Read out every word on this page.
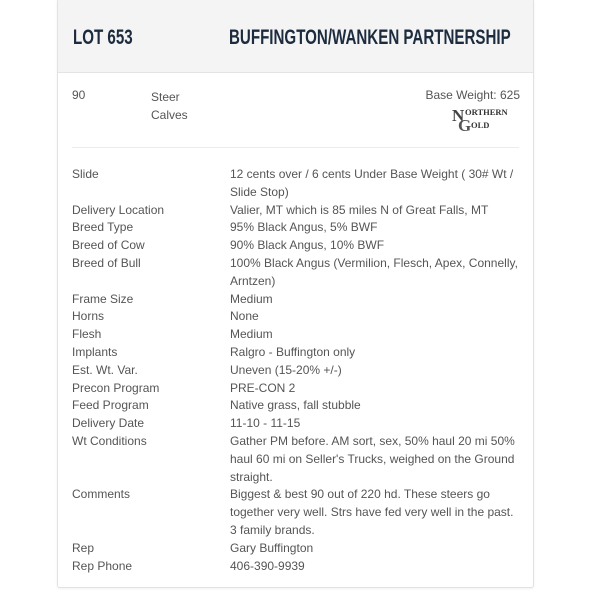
LOT 653	BUFFINGTON/WANKEN PARTNERSHIP
90	Steer
Calves
Base Weight: 625
N ORTHERN
G OLD
Slide	12 cents over / 6 cents Under Base Weight ( 30# Wt / Slide Stop)
Delivery Location	Valier, MT which is 85 miles N of Great Falls, MT
Breed Type	95% Black Angus, 5% BWF
Breed of Cow	90% Black Angus, 10% BWF
Breed of Bull	100% Black Angus (Vermilion, Flesch, Apex, Connelly, Arntzen)
Frame Size	Medium
Horns	None
Flesh	Medium
Implants	Ralgro - Buffington only
Est. Wt. Var.	Uneven (15-20% +/-)
Precon Program	PRE-CON 2
Feed Program	Native grass, fall stubble
Delivery Date	11-10 - 11-15
Wt Conditions	Gather PM before. AM sort, sex, 50% haul 20 mi 50% haul 60 mi on Seller's Trucks, weighed on the Ground straight.
Comments	Biggest & best 90 out of 220 hd. These steers go together very well. Strs have fed very well in the past. 3 family brands.
Rep	Gary Buffington
Rep Phone	406-390-9939
